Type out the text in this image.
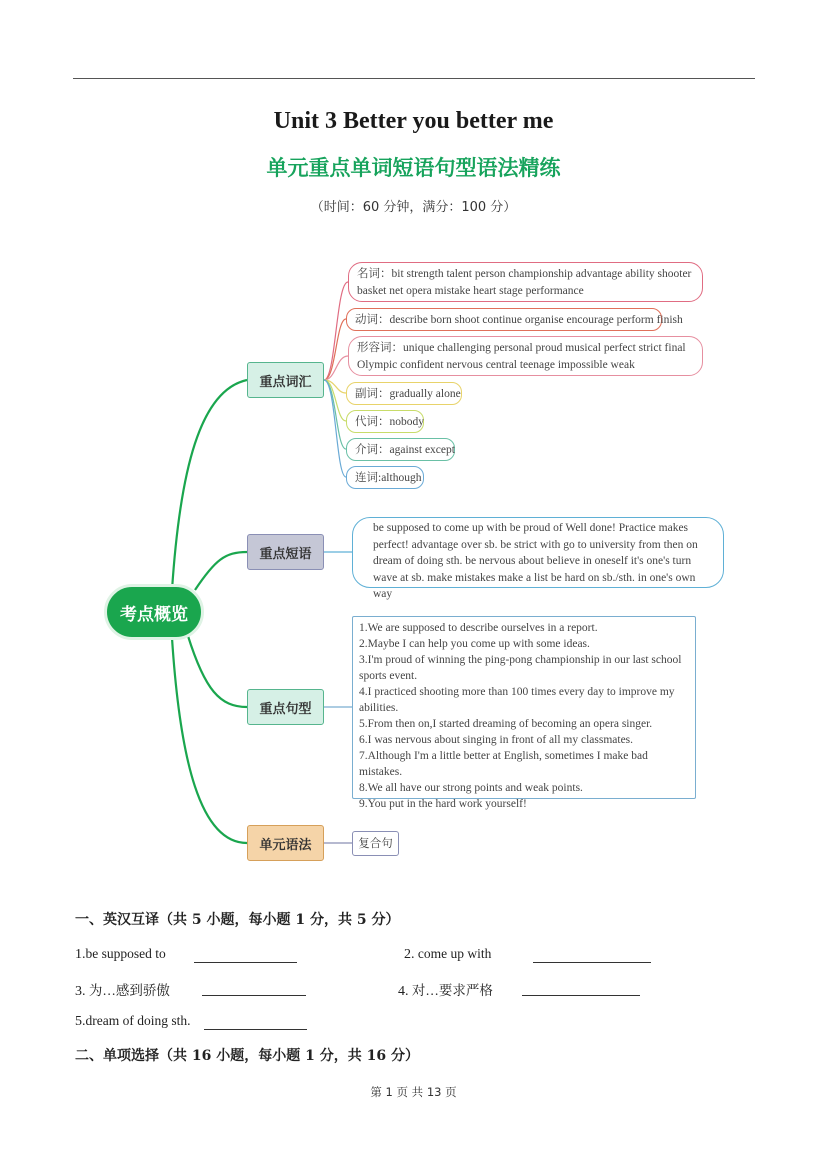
Unit 3 Better you better me
单元重点单词短语句型语法精练
（时间：60 分钟，满分：100 分）
考点概览
重点词汇
重点短语
重点句型
单元语法
名词：bit strength talent person championship advantage ability shooter
basket net opera mistake heart stage performance
动词：describe born shoot continue organise encourage perform finish
形容词：unique challenging personal proud musical perfect strict final
Olympic confident nervous central teenage impossible weak
副词：gradually alone
代词：nobody
介词：against except
连词:although
be supposed to come up with be proud of Well done! Practice makes perfect! advantage over sb. be strict with go to university from then on dream of doing sth. be nervous about believe in oneself it's one's turn wave at sb. make mistakes make a list be hard on sb./sth. in one's own way
1.We are supposed to describe ourselves in a report.
2.Maybe I can help you come up with some ideas.
3.I'm proud of winning the ping-pong championship in our last school sports event.
4.I practiced shooting more than 100 times every day to improve my abilities.
5.From then on,I started dreaming of becoming an opera singer.
6.I was nervous about singing in front of all my classmates.
7.Although I'm a little better at English, sometimes I make bad mistakes.
8.We all have our strong points and weak points.
9.You put in the hard work yourself!
复合句
一、英汉互译（共 5 小题，每小题 1 分，共 5 分）
1.be supposed to	2. come up with
3. 为…感到骄傲	4. 对…要求严格
5.dream of doing sth.
二、单项选择（共 16 小题，每小题 1 分，共 16 分）
第 1 页 共 13 页
